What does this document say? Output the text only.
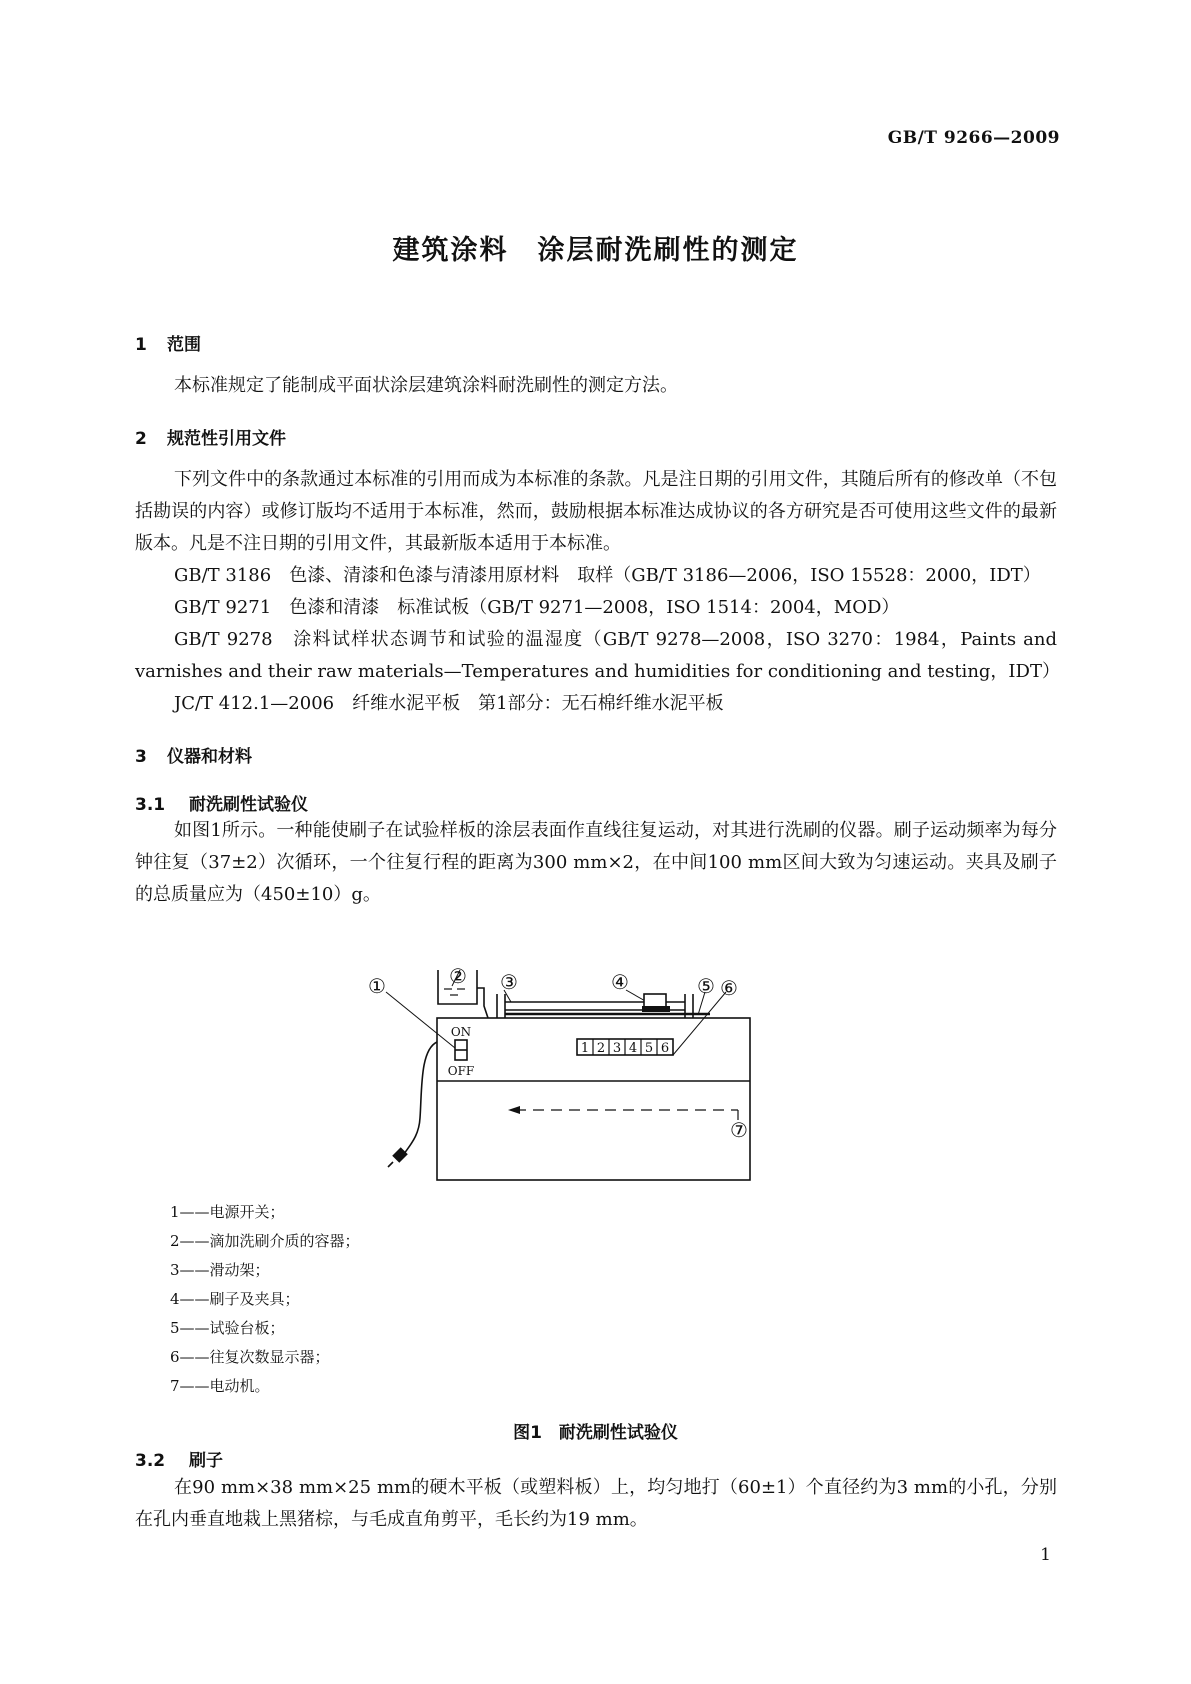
GB/T 9266—2009
建筑涂料　涂层耐洗刷性的测定
1 范围
本标准规定了能制成平面状涂层建筑涂料耐洗刷性的测定方法。
2 规范性引用文件
下列文件中的条款通过本标准的引用而成为本标准的条款。凡是注日期的引用文件，其随后所有的修改单（不包括勘误的内容）或修订版均不适用于本标准，然而，鼓励根据本标准达成协议的各方研究是否可使用这些文件的最新版本。凡是不注日期的引用文件，其最新版本适用于本标准。
GB/T 3186　色漆、清漆和色漆与清漆用原材料　取样（GB/T 3186—2006，ISO 15528：2000，IDT）
GB/T 9271　色漆和清漆　标准试板（GB/T 9271—2008，ISO 1514：2004，MOD）
GB/T 9278　涂料试样状态调节和试验的温湿度（GB/T 9278—2008，ISO 3270：1984，Paints and varnishes and their raw materials—Temperatures and humidities for conditioning and testing，IDT）
JC/T 412.1—2006　纤维水泥平板　第1部分：无石棉纤维水泥平板
3 仪器和材料
3.1 耐洗刷性试验仪
如图1所示。一种能使刷子在试验样板的涂层表面作直线往复运动，对其进行洗刷的仪器。刷子运动频率为每分钟往复（37±2）次循环，一个往复行程的距离为300 mm×2，在中间100 mm区间大致为匀速运动。夹具及刷子的总质量应为（450±10）g。
1 2 3 4 5 6
ON
OFF
①	② ③	④	⑤ ⑥
⑦
1——电源开关；
2——滴加洗刷介质的容器；
3——滑动架；
4——刷子及夹具；
5——试验台板；
6——往复次数显示器；
7——电动机。
图1　耐洗刷性试验仪
3.2 刷子
在90 mm×38 mm×25 mm的硬木平板（或塑料板）上，均匀地打（60±1）个直径约为3 mm的小孔，分别在孔内垂直地栽上黑猪棕，与毛成直角剪平，毛长约为19 mm。
1
